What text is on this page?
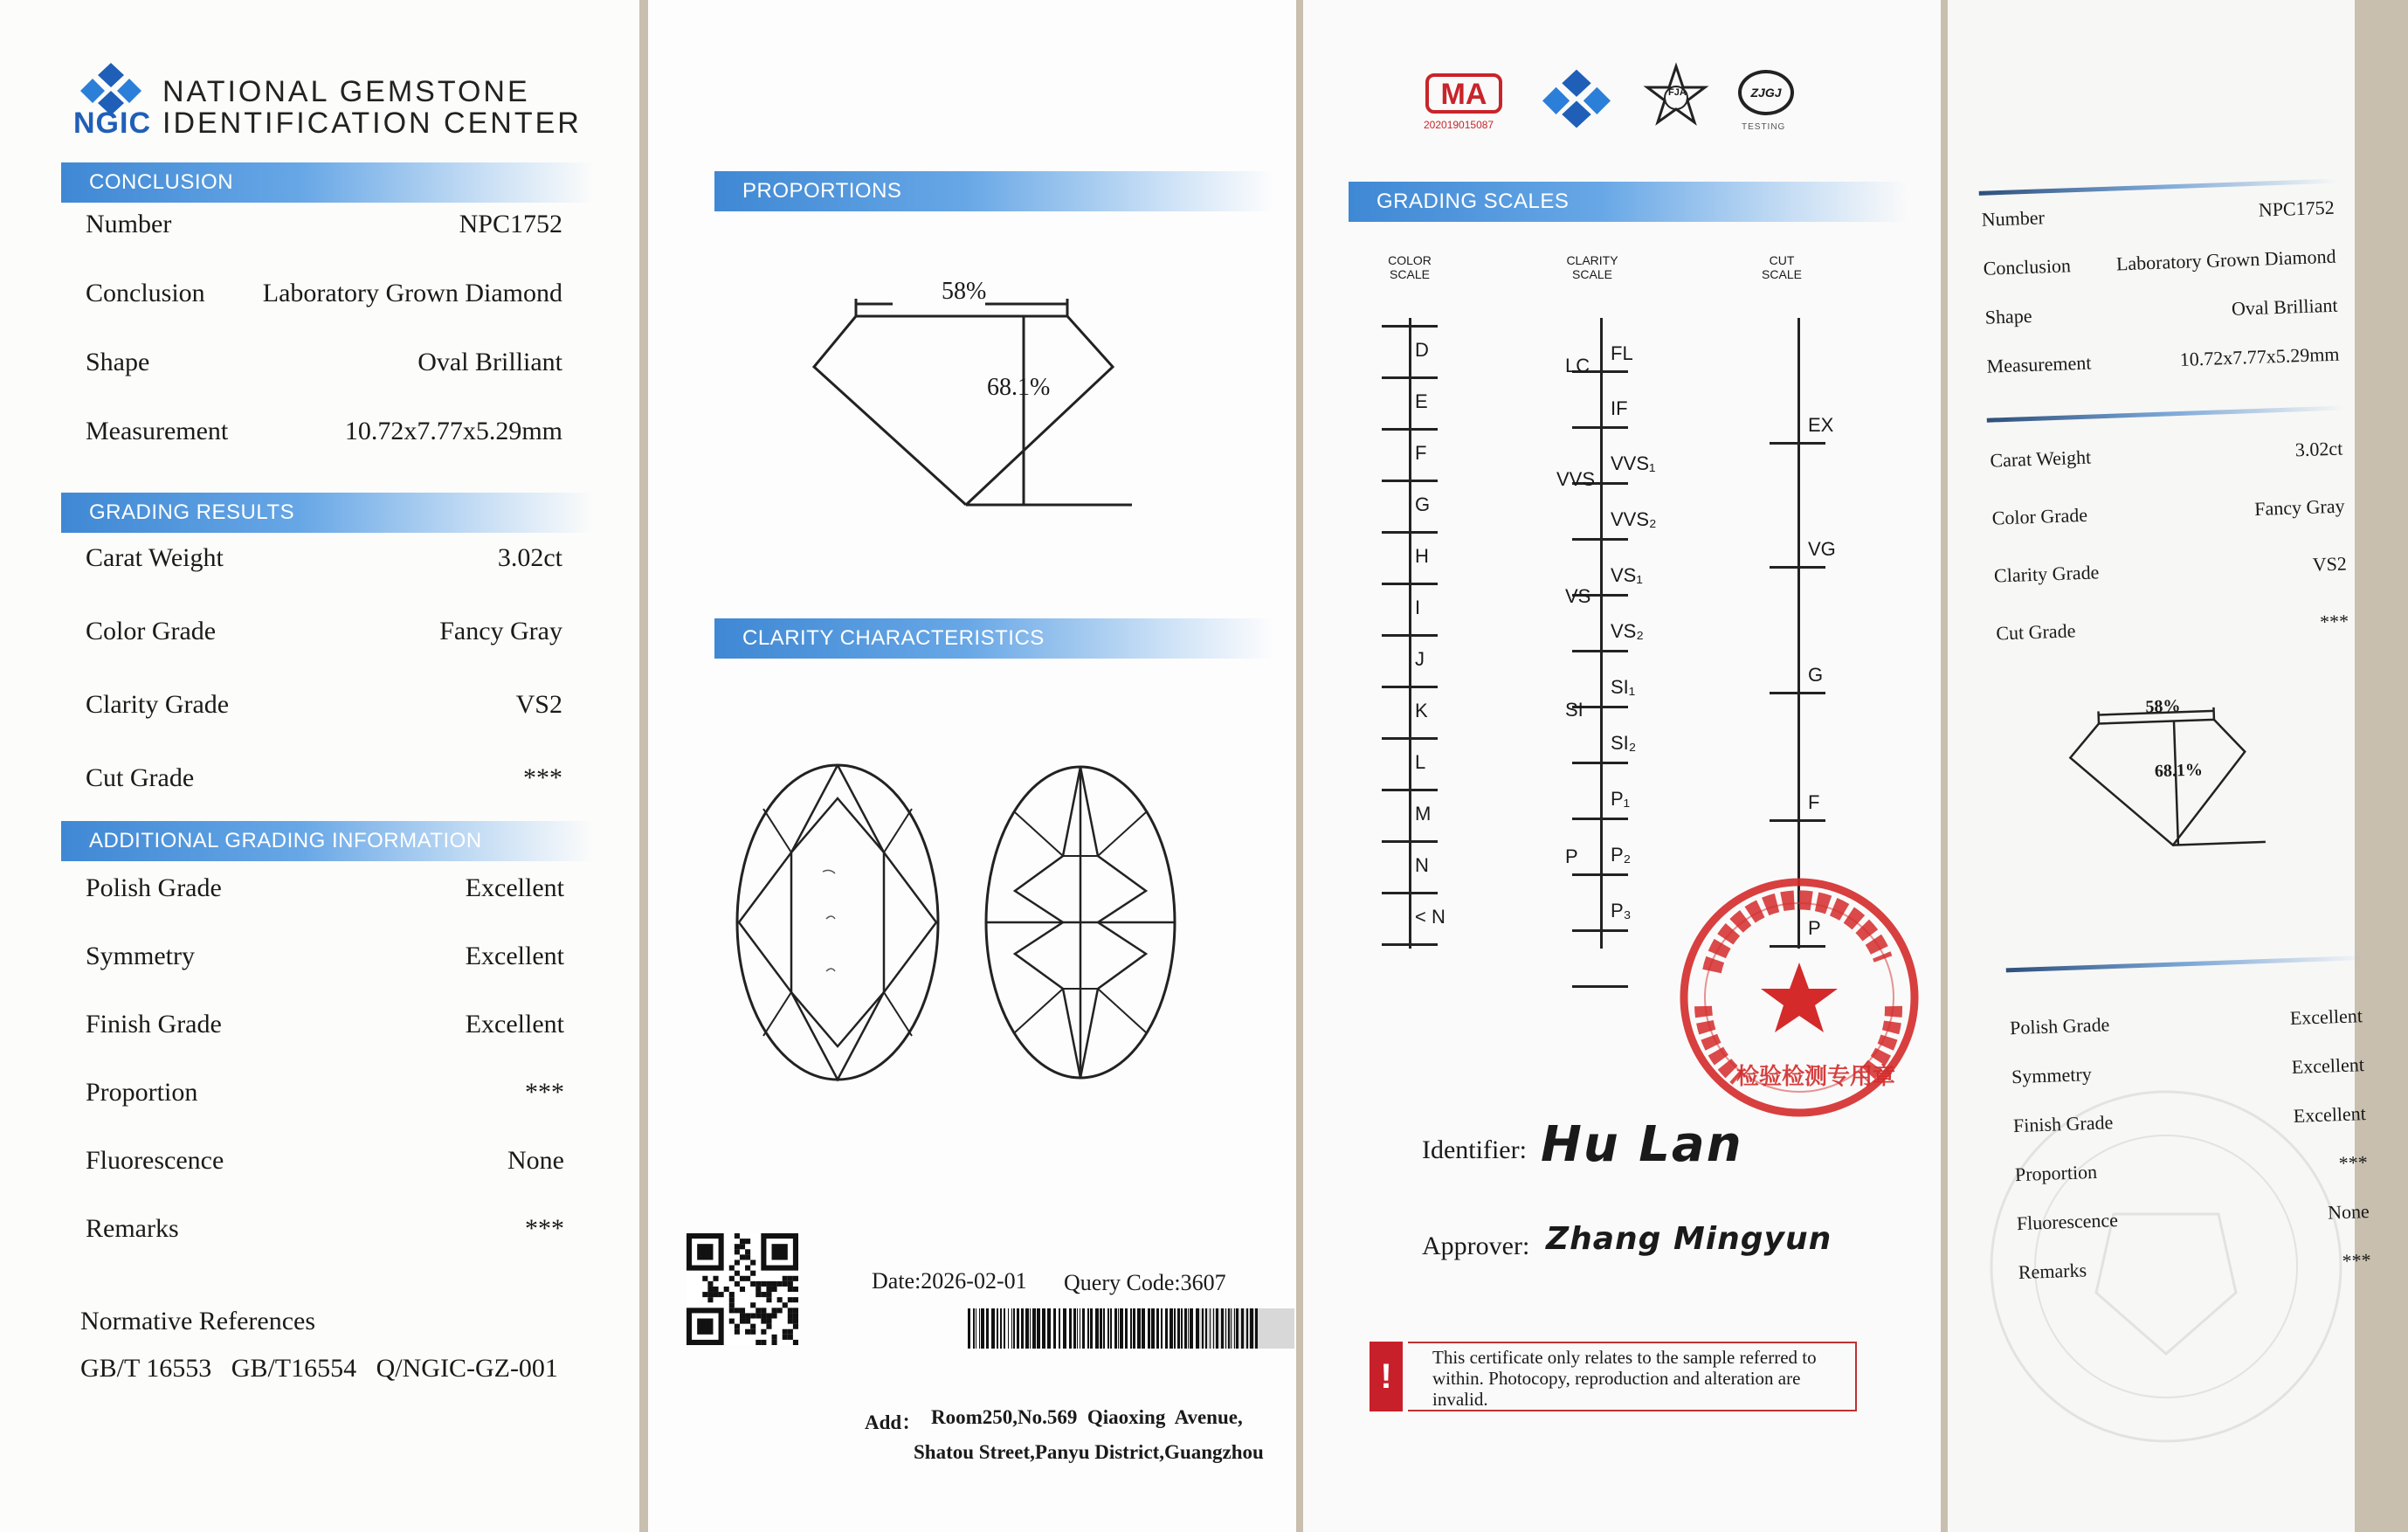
NGIC
NATIONAL GEMSTONE
IDENTIFICATION CENTER
CONCLUSION
Number	NPC1752
Conclusion Laboratory Grown Diamond
Shape	Oval Brilliant
Measurement	10.72x7.77x5.29mm
GRADING RESULTS
Carat Weight	3.02ct
Color Grade	Fancy Gray
Clarity Grade	VS2
Cut Grade	***
ADDITIONAL GRADING INFORMATION
Polish Grade	Excellent
Symmetry	Excellent
Finish Grade	Excellent
Proportion	***
Fluorescence	None
Remarks	***
Normative References
GB/T 16553   GB/T16554   Q/NGIC-GZ-001
PROPORTIONS
58%
68.1%
CLARITY CHARACTERISTICS
Date:2026-02-01 Query Code:3607
Add： Room250,No.569  Qiaoxing  Avenue,
Shatou Street,Panyu District,Guangzhou
MA
202019015087
FJA	ZJGJ
TESTING
GRADING SCALES
COLOR
SCALE
CLARITY
SCALE
CUT
SCALE
D
E
F
G
H
I
J
K
L
M
N
< N
FL
IF
VVS₁
VVS₂
VS₁
VS₂
SI₁
SI₂
P₁
P₂
P₃
LC
VVS
VS
SI
P
EX
VG
G
F
P
检验检测专用章
Identifier: Hu Lan
Approver: Zhang Mingyun
!	This certificate only relates to the sample referred to within. Photocopy, reproduction and alteration are invalid.
Number	NPC1752
Conclusion Laboratory Grown Diamond
Shape	Oval Brilliant
Measurement	10.72x7.77x5.29mm
Carat Weight	3.02ct
Color Grade	Fancy Gray
Clarity Grade	VS2
Cut Grade	***
58%
68.1%
Polish Grade	Excellent
Symmetry	Excellent
Finish Grade	Excellent
Proportion	***
Fluorescence	None
Remarks	***
